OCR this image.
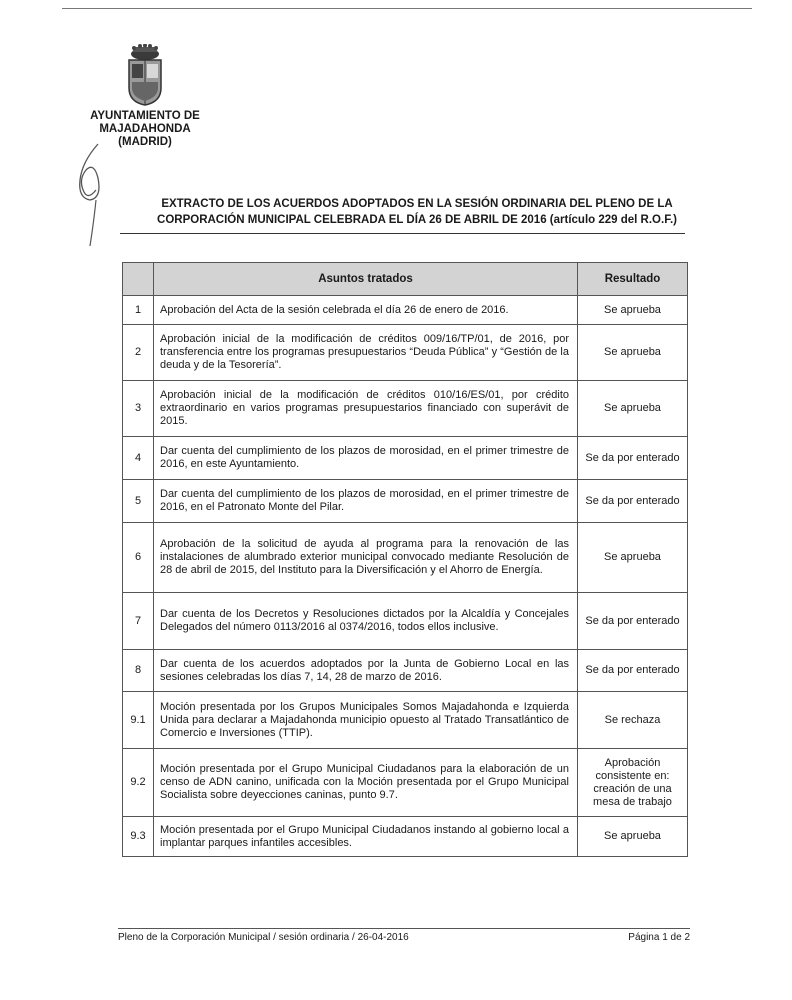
AYUNTAMIENTO DE
MAJADAHONDA
(MADRID)
EXTRACTO DE LOS ACUERDOS ADOPTADOS EN LA SESIÓN ORDINARIA DEL PLENO DE LA
CORPORACIÓN MUNICIPAL CELEBRADA EL DÍA 26 DE ABRIL DE 2016 (artículo 229 del R.O.F.)
	Asuntos tratados	Resultado
1	Aprobación del Acta de la sesión celebrada el día 26 de enero de 2016.	Se aprueba
2	Aprobación inicial de la modificación de créditos 009/16/TP/01, de 2016, por transferencia entre los programas presupuestarios “Deuda Pública” y “Gestión de la deuda y de la Tesorería”.	Se aprueba
3	Aprobación inicial de la modificación de créditos 010/16/ES/01, por crédito extraordinario en varios programas presupuestarios financiado con superávit de 2015.	Se aprueba
4	Dar cuenta del cumplimiento de los plazos de morosidad, en el primer trimestre de 2016, en este Ayuntamiento.	Se da por enterado
5	Dar cuenta del cumplimiento de los plazos de morosidad, en el primer trimestre de 2016, en el Patronato Monte del Pilar.	Se da por enterado
6	Aprobación de la solicitud de ayuda al programa para la renovación de las instalaciones de alumbrado exterior municipal convocado mediante Resolución de 28 de abril de 2015, del Instituto para la Diversificación y el Ahorro de Energía.	Se aprueba
7	Dar cuenta de los Decretos y Resoluciones dictados por la Alcaldía y Concejales Delegados del número 0113/2016 al 0374/2016, todos ellos inclusive.	Se da por enterado
8	Dar cuenta de los acuerdos adoptados por la Junta de Gobierno Local en las sesiones celebradas los días 7, 14, 28 de marzo de 2016.	Se da por enterado
9.1	Moción presentada por los Grupos Municipales Somos Majadahonda e Izquierda Unida para declarar a Majadahonda municipio opuesto al Tratado Transatlántico de Comercio e Inversiones (TTIP).	Se rechaza
9.2	Moción presentada por el Grupo Municipal Ciudadanos para la elaboración de un censo de ADN canino, unificada con la Moción presentada por el Grupo Municipal Socialista sobre deyecciones caninas, punto 9.7.	Aprobación consistente en: creación de una mesa de trabajo
9.3	Moción presentada por el Grupo Municipal Ciudadanos instando al gobierno local a implantar parques infantiles accesibles.	Se aprueba
Pleno de la Corporación Municipal / sesión ordinaria / 26-04-2016	Página 1 de 2
